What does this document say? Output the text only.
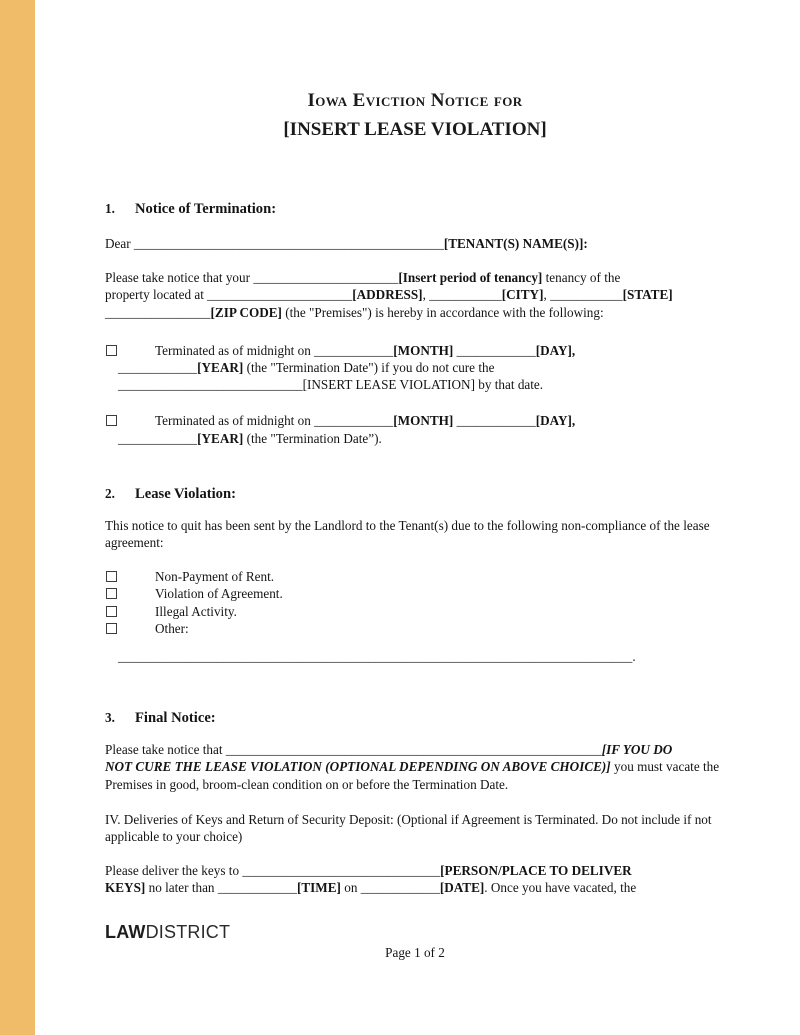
Iowa Eviction Notice for
[INSERT LEASE VIOLATION]
1.	Notice of Termination:
Dear _______________________________________________[TENANT(S) NAME(S)]:
Please take notice that your ______________________[Insert period of tenancy] tenancy of the
property located at ______________________[ADDRESS], ___________[CITY], ___________[STATE]
________________[ZIP CODE] (the "Premises") is hereby in accordance with the following:
Terminated as of midnight on ____________[MONTH] ____________[DAY],
____________[YEAR] (the "Termination Date") if you do not cure the
____________________________[INSERT LEASE VIOLATION] by that date.
Terminated as of midnight on ____________[MONTH] ____________[DAY],
____________[YEAR] (the "Termination Date”).
2.	Lease Violation:
This notice to quit has been sent by the Landlord to the Tenant(s) due to the following non-compliance of the lease agreement:
Non-Payment of Rent.
Violation of Agreement.
Illegal Activity.
Other:
______________________________________________________________________________.
3.	Final Notice:
Please take notice that _________________________________________________________[IF YOU DO
NOT CURE THE LEASE VIOLATION (OPTIONAL DEPENDING ON ABOVE CHOICE)] you must vacate the Premises in good, broom-clean condition on or before the Termination Date.
IV. Deliveries of Keys and Return of Security Deposit: (Optional if Agreement is Terminated. Do not include if not applicable to your choice)
Please deliver the keys to ______________________________[PERSON/PLACE TO DELIVER
KEYS] no later than ____________[TIME] on ____________[DATE]. Once you have vacated, the
LAWDISTRICT
Page 1 of 2
